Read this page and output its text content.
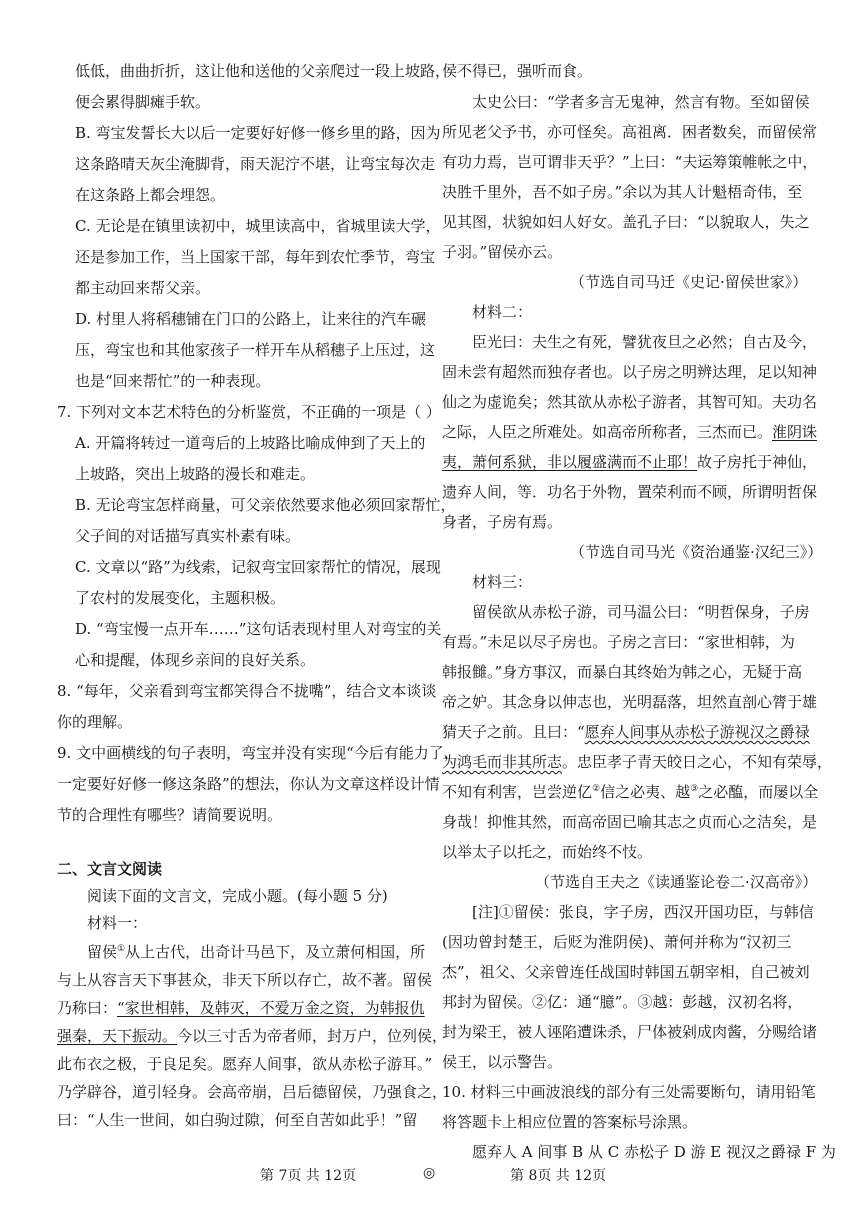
低低，曲曲折折，这让他和送他的父亲爬过一段上坡路，
便会累得脚瘫手软。
B. 弯宝发誓长大以后一定要好好修一修乡里的路，因为
这条路晴天灰尘淹脚背，雨天泥泞不堪，让弯宝每次走
在这条路上都会埋怨。
C. 无论是在镇里读初中，城里读高中，省城里读大学，
还是参加工作，当上国家干部，每年到农忙季节，弯宝
都主动回来帮父亲。
D. 村里人将稻穗铺在门口的公路上，让来往的汽车碾
压，弯宝也和其他家孩子一样开车从稻穗子上压过，这
也是“回来帮忙”的一种表现。
7. 下列对文本艺术特色的分析鉴赏，不正确的一项是（ ）
A. 开篇将转过一道弯后的上坡路比喻成伸到了天上的
上坡路，突出上坡路的漫长和难走。
B. 无论弯宝怎样商量，可父亲依然要求他必须回家帮忙，
父子间的对话描写真实朴素有味。
C. 文章以“路”为线索，记叙弯宝回家帮忙的情况，展现
了农村的发展变化，主题积极。
D. “弯宝慢一点开车……”这句话表现村里人对弯宝的关
心和提醒，体现乡亲间的良好关系。
8. “每年，父亲看到弯宝都笑得合不拢嘴”，结合文本谈谈
你的理解。
9. 文中画横线的句子表明，弯宝并没有实现“今后有能力了，
一定要好好修一修这条路”的想法，你认为文章这样设计情
节的合理性有哪些？请简要说明。
二、文言文阅读
阅读下面的文言文，完成小题。(每小题 5 分)
材料一：
留侯①从上古代，出奇计马邑下，及立萧何相国，所
与上从容言天下事甚众，非天下所以存亡，故不著。留侯
乃称曰：“家世相韩，及韩灭，不爱万金之资，为韩报仇
强秦，天下振动。今以三寸舌为帝者师，封万户，位列侯，
此布衣之极，于良足矣。愿弃人间事，欲从赤松子游耳。”
乃学辟谷，道引轻身。会高帝崩，吕后德留侯，乃强食之，
曰：“人生一世间，如白驹过隙，何至自苦如此乎！”留
侯不得已，强听而食。
太史公曰：“学者多言无鬼神，然言有物。至如留侯
所见老父予书，亦可怪矣。高祖离．困者数矣，而留侯常
有功力焉，岂可谓非天乎？”上曰：“夫运筹策帷帐之中，
决胜千里外，吾不如子房。”余以为其人计魁梧奇伟，至
见其图，状貌如妇人好女。盖孔子曰：“以貌取人，失之
子羽。”留侯亦云。
（节选自司马迁《史记·留侯世家》）
材料二：
臣光曰：夫生之有死，譬犹夜旦之必然；自古及今，
固未尝有超然而独存者也。以子房之明辨达理，足以知神
仙之为虚诡矣；然其欲从赤松子游者，其智可知。夫功名
之际，人臣之所难处。如高帝所称者，三杰而已。淮阴诛
夷，萧何系狱，非以履盛满而不止耶！故子房托于神仙，
遗弃人间，等．功名于外物，置荣利而不顾，所谓明哲保
身者，子房有焉。
（节选自司马光《资治通鉴·汉纪三》）
材料三：
留侯欲从赤松子游，司马温公曰：“明哲保身，子房
有焉。”未足以尽子房也。子房之言曰：“家世相韩，为
韩报雠。”身方事汉，而暴白其终始为韩之心，无疑于高
帝之妒。其念身以伸志也，光明磊落，坦然直剖心膂于雄
猜天子之前。且曰：“愿弃人间事从赤松子游视汉之爵禄
为鸿毛而非其所志。忠臣孝子青天皎日之心，不知有荣辱，
不知有利害，岂尝逆亿②信之必夷、越③之必醢，而屡以全
身哉！抑惟其然，而高帝固已喻其志之贞而心之洁矣，是
以举太子以托之，而始终不忮。
（节选自王夫之《读通鉴论卷二·汉高帝》）
[注]①留侯：张良，字子房，西汉开国功臣，与韩信
(因功曾封楚王，后贬为淮阴侯)、萧何并称为“汉初三
杰”，祖父、父亲曾连任战国时韩国五朝宰相，自己被刘
邦封为留侯。②亿：通“臆”。③越：彭越，汉初名将，
封为梁王，被人诬陷遭诛杀，尸体被剁成肉酱，分赐给诸
侯王，以示警告。
10. 材料三中画波浪线的部分有三处需要断句，请用铅笔
将答题卡上相应位置的答案标号涂黑。
愿弃人 A 间事 B 从 C 赤松子 D 游 E 视汉之爵禄 F 为
第 7页 共 12页	◎	第 8页 共 12页
